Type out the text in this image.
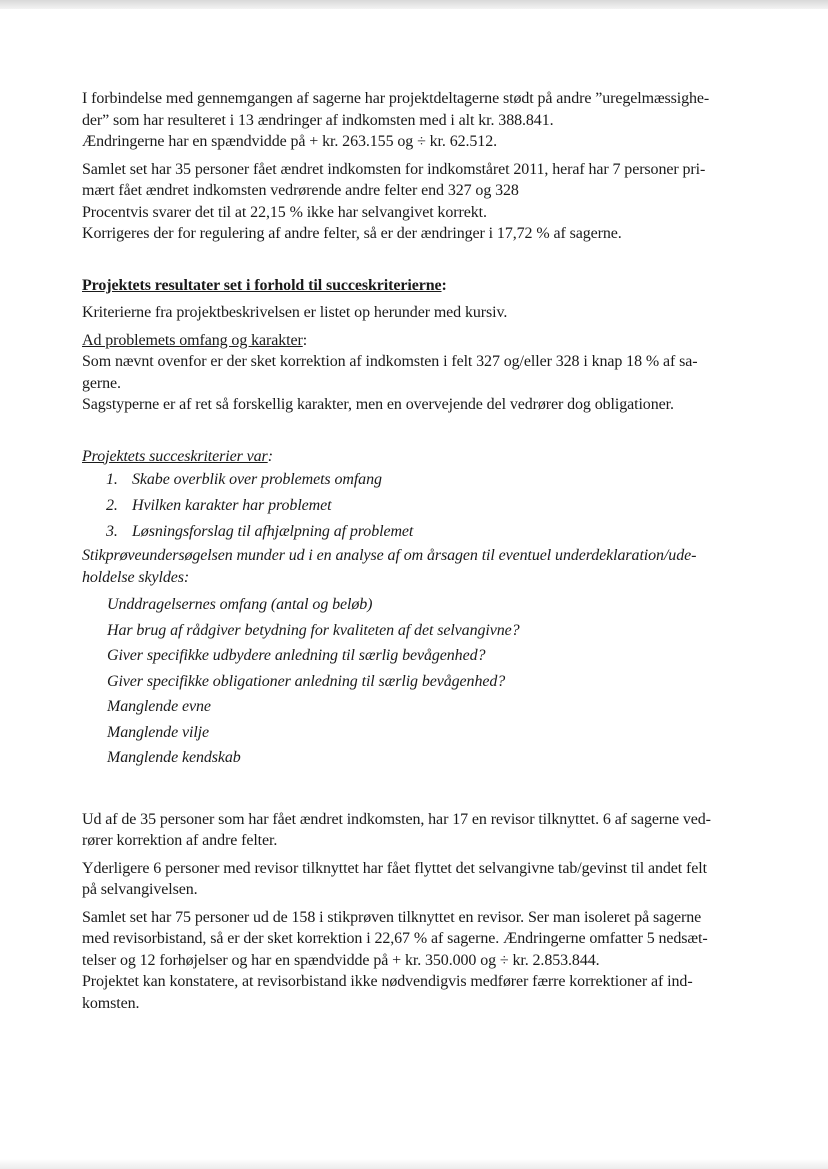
I forbindelse med gennemgangen af sagerne har projektdeltagerne stødt på andre ”uregelmæssighe-
der” som har resulteret i 13 ændringer af indkomsten med i alt kr. 388.841.
Ændringerne har en spændvidde på + kr. 263.155 og ÷ kr. 62.512.
Samlet set har 35 personer fået ændret indkomsten for indkomståret 2011, heraf har 7 personer pri-
mært fået ændret indkomsten vedrørende andre felter end 327 og 328
Procentvis svarer det til at 22,15 % ikke har selvangivet korrekt.
Korrigeres der for regulering af andre felter, så er der ændringer i 17,72 % af sagerne.
Projektets resultater set i forhold til succeskriterierne:
Kriterierne fra projektbeskrivelsen er listet op herunder med kursiv.
Ad problemets omfang og karakter:
Som nævnt ovenfor er der sket korrektion af indkomsten i felt 327 og/eller 328 i knap 18 % af sa-
gerne.
Sagstyperne er af ret så forskellig karakter, men en overvejende del vedrører dog obligationer.
Projektets succeskriterier var:
1. Skabe overblik over problemets omfang
2. Hvilken karakter har problemet
3. Løsningsforslag til afhjælpning af problemet
Stikprøveundersøgelsen munder ud i en analyse af om årsagen til eventuel underdeklaration/ude-
holdelse skyldes:
Unddragelsernes omfang (antal og beløb)
Har brug af rådgiver betydning for kvaliteten af det selvangivne?
Giver specifikke udbydere anledning til særlig bevågenhed?
Giver specifikke obligationer anledning til særlig bevågenhed?
Manglende evne
Manglende vilje
Manglende kendskab
Ud af de 35 personer som har fået ændret indkomsten, har 17 en revisor tilknyttet. 6 af sagerne ved-
rører korrektion af andre felter.
Yderligere 6 personer med revisor tilknyttet har fået flyttet det selvangivne tab/gevinst til andet felt
på selvangivelsen.
Samlet set har 75 personer ud de 158 i stikprøven tilknyttet en revisor. Ser man isoleret på sagerne
med revisorbistand, så er der sket korrektion i 22,67 % af sagerne. Ændringerne omfatter 5 nedsæt-
telser og 12 forhøjelser og har en spændvidde på + kr. 350.000 og ÷ kr. 2.853.844.
Projektet kan konstatere, at revisorbistand ikke nødvendigvis medfører færre korrektioner af ind-
komsten.
